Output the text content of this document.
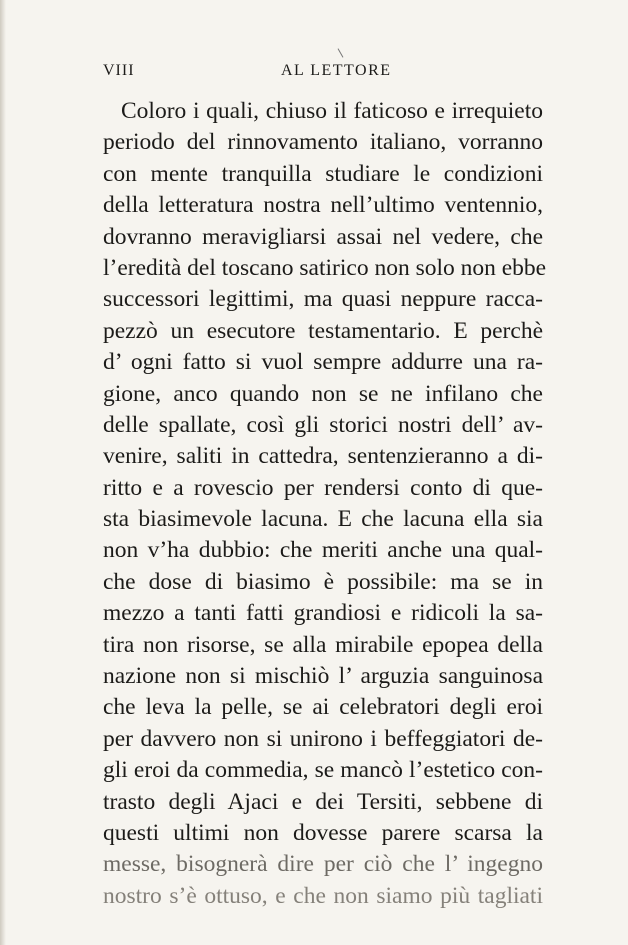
VIII	AL LETTORE
Coloro i quali, chiuso il faticoso e irrequieto
periodo del rinnovamento italiano, vorranno
con mente tranquilla studiare le condizioni
della letteratura nostra nell’ultimo ventennio,
dovranno meravigliarsi assai nel vedere, che
l’eredità del toscano satirico non solo non ebbe
successori legittimi, ma quasi neppure racca-
pezzò un esecutore testamentario. E perchè
d’ ogni fatto si vuol sempre addurre una ra-
gione, anco quando non se ne infilano che
delle spallate, così gli storici nostri dell’ av-
venire, saliti in cattedra, sentenzieranno a di-
ritto e a rovescio per rendersi conto di que-
sta biasimevole lacuna. E che lacuna ella sia
non v’ha dubbio: che meriti anche una qual-
che dose di biasimo è possibile: ma se in
mezzo a tanti fatti grandiosi e ridicoli la sa-
tira non risorse, se alla mirabile epopea della
nazione non si mischiò l’ arguzia sanguinosa
che leva la pelle, se ai celebratori degli eroi
per davvero non si unirono i beffeggiatori de-
gli eroi da commedia, se mancò l’estetico con-
trasto degli Ajaci e dei Tersiti, sebbene di
questi ultimi non dovesse parere scarsa la
messe, bisognerà dire per ciò che l’ ingegno
nostro s’è ottuso, e che non siamo più tagliati
